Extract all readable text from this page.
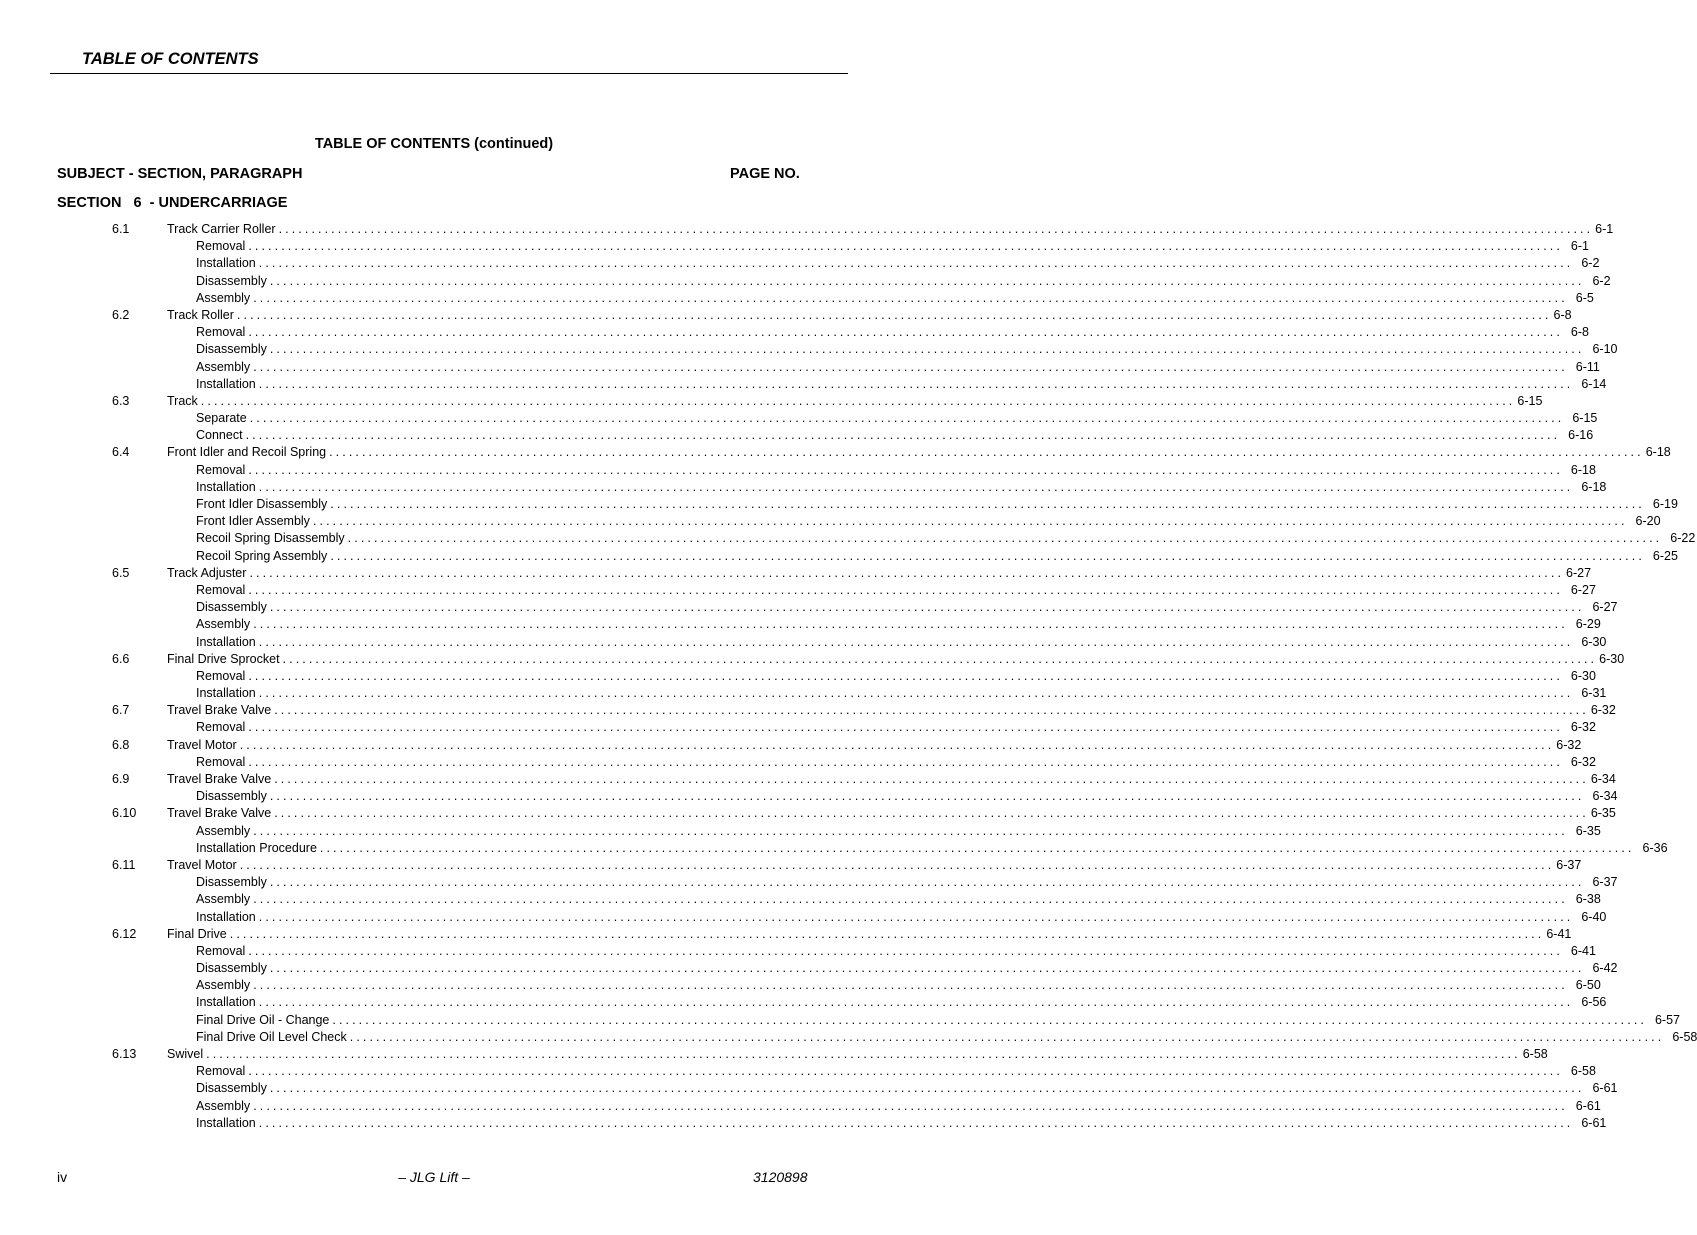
TABLE OF CONTENTS
TABLE OF CONTENTS (continued)
SUBJECT - SECTION, PARAGRAPH	PAGE NO.
SECTION   6  - UNDERCARRIAGE
6.1	Track Carrier Roller ........................................................................................................................................................................................................ 6-1
Removal ........................................................................................................................................................................................................ 6-1
Installation ........................................................................................................................................................................................................ 6-2
Disassembly ........................................................................................................................................................................................................ 6-2
Assembly ........................................................................................................................................................................................................ 6-5
6.2	Track Roller ........................................................................................................................................................................................................ 6-8
Removal ........................................................................................................................................................................................................ 6-8
Disassembly ........................................................................................................................................................................................................ 6-10
Assembly ........................................................................................................................................................................................................ 6-11
Installation ........................................................................................................................................................................................................ 6-14
6.3	Track ........................................................................................................................................................................................................ 6-15
Separate ........................................................................................................................................................................................................ 6-15
Connect ........................................................................................................................................................................................................ 6-16
6.4	Front Idler and Recoil Spring ........................................................................................................................................................................................................ 6-18
Removal ........................................................................................................................................................................................................ 6-18
Installation ........................................................................................................................................................................................................ 6-18
Front Idler Disassembly ........................................................................................................................................................................................................ 6-19
Front Idler Assembly ........................................................................................................................................................................................................ 6-20
Recoil Spring Disassembly ........................................................................................................................................................................................................ 6-22
Recoil Spring Assembly ........................................................................................................................................................................................................ 6-25
6.5	Track Adjuster ........................................................................................................................................................................................................ 6-27
Removal ........................................................................................................................................................................................................ 6-27
Disassembly ........................................................................................................................................................................................................ 6-27
Assembly ........................................................................................................................................................................................................ 6-29
Installation ........................................................................................................................................................................................................ 6-30
6.6	Final Drive Sprocket ........................................................................................................................................................................................................ 6-30
Removal ........................................................................................................................................................................................................ 6-30
Installation ........................................................................................................................................................................................................ 6-31
6.7	Travel Brake Valve ........................................................................................................................................................................................................ 6-32
Removal ........................................................................................................................................................................................................ 6-32
6.8	Travel Motor ........................................................................................................................................................................................................ 6-32
Removal ........................................................................................................................................................................................................ 6-32
6.9	Travel Brake Valve ........................................................................................................................................................................................................ 6-34
Disassembly ........................................................................................................................................................................................................ 6-34
6.10 Travel Brake Valve ........................................................................................................................................................................................................ 6-35
Assembly ........................................................................................................................................................................................................ 6-35
Installation Procedure ........................................................................................................................................................................................................ 6-36
6.11	Travel Motor ........................................................................................................................................................................................................ 6-37
Disassembly ........................................................................................................................................................................................................ 6-37
Assembly ........................................................................................................................................................................................................ 6-38
Installation ........................................................................................................................................................................................................ 6-40
6.12 Final Drive ........................................................................................................................................................................................................ 6-41
Removal ........................................................................................................................................................................................................ 6-41
Disassembly ........................................................................................................................................................................................................ 6-42
Assembly ........................................................................................................................................................................................................ 6-50
Installation ........................................................................................................................................................................................................ 6-56
Final Drive Oil - Change ........................................................................................................................................................................................................ 6-57
Final Drive Oil Level Check ........................................................................................................................................................................................................ 6-58
6.13 Swivel ........................................................................................................................................................................................................ 6-58
Removal ........................................................................................................................................................................................................ 6-58
Disassembly ........................................................................................................................................................................................................ 6-61
Assembly ........................................................................................................................................................................................................ 6-61
Installation ........................................................................................................................................................................................................ 6-61
iv	– JLG Lift –	3120898
